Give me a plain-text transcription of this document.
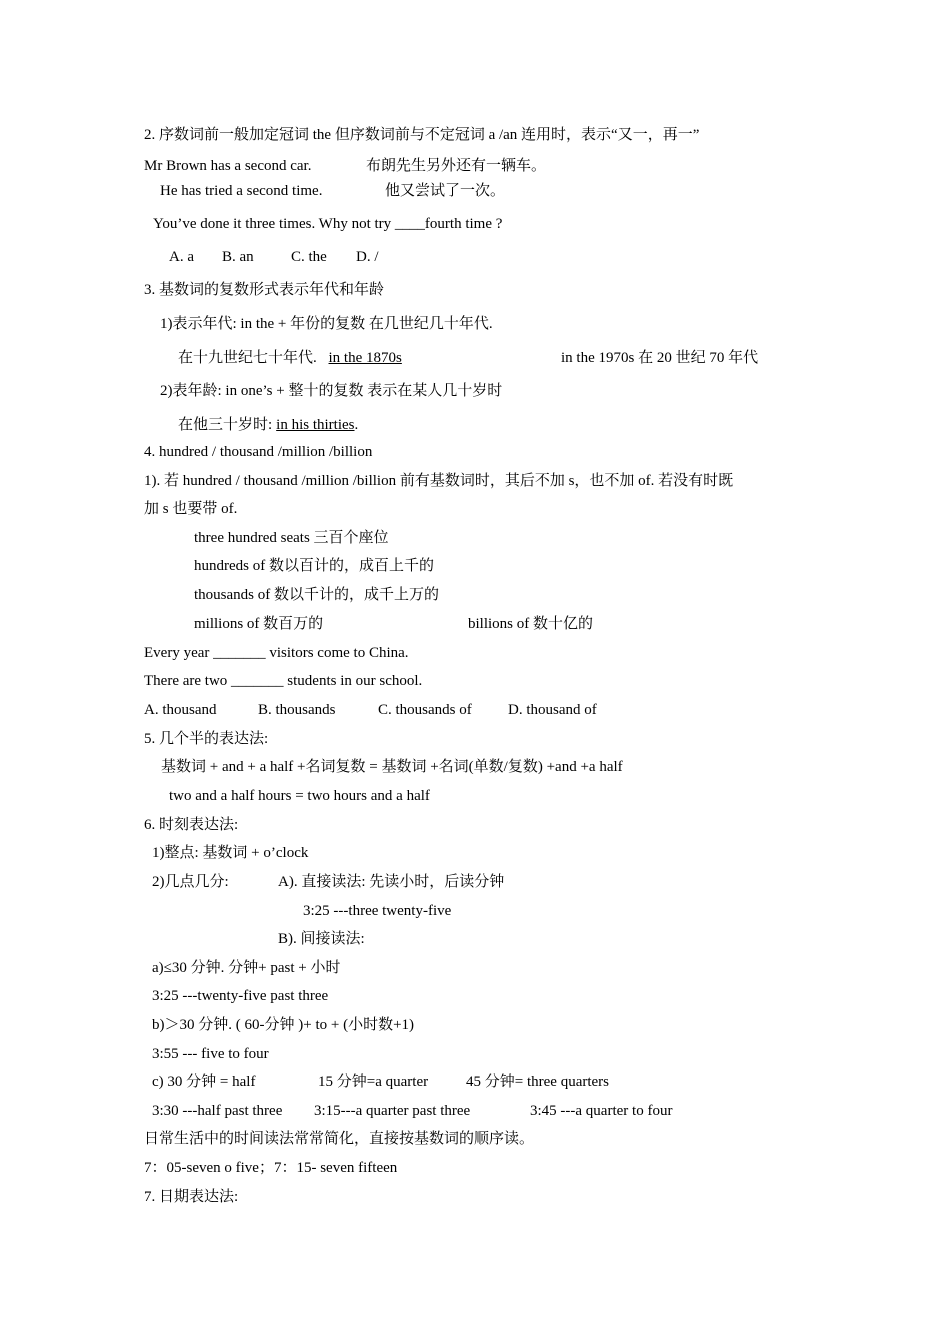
2. 序数词前一般加定冠词 the 但序数词前与不定冠词 a /an 连用时，表示“又一，再一”
Mr Brown has a second car.	布朗先生另外还有一辆车。
He has tried a second time.	他又尝试了一次。
You’ve done it three times. Why not try ____fourth time ?
A. a B. an C. the D. /
3. 基数词的复数形式表示年代和年龄
1)表示年代: in the + 年份的复数 在几世纪几十年代.
在十九世纪七十年代. in the 1870s	in the 1970s 在 20 世纪 70 年代
2)表年龄: in one’s + 整十的复数 表示在某人几十岁时
在他三十岁时: in his thirties.
4. hundred / thousand /million /billion
1). 若 hundred / thousand /million /billion 前有基数词时，其后不加 s，也不加 of. 若没有时既
加 s 也要带 of.
three hundred seats 三百个座位
hundreds of 数以百计的，成百上千的
thousands of 数以千计的，成千上万的
millions of 数百万的	billions of 数十亿的
Every year _______ visitors come to China.
There are two _______ students in our school.
A. thousand	B. thousands	C. thousands of D. thousand of
5. 几个半的表达法:
基数词 + and + a half +名词复数 = 基数词 +名词(单数/复数) +and +a half
two and a half hours = two hours and a half
6. 时刻表达法:
1)整点: 基数词 + o’clock
2)几点几分:	A). 直接读法: 先读小时，后读分钟
3:25 ---three twenty-five
B). 间接读法:
a)≤30 分钟. 分钟+ past + 小时
3:25 ---twenty-five past three
b)＞30 分钟. ( 60-分钟 )+ to + (小时数+1)
3:55 --- five to four
c) 30 分钟 = half	15 分钟=a quarter	45 分钟= three quarters
3:30 ---half past three 3:15---a quarter past three	3:45 ---a quarter to four
日常生活中的时间读法常常简化，直接按基数词的顺序读。
7：05-seven o five；7：15- seven fifteen
7. 日期表达法:
